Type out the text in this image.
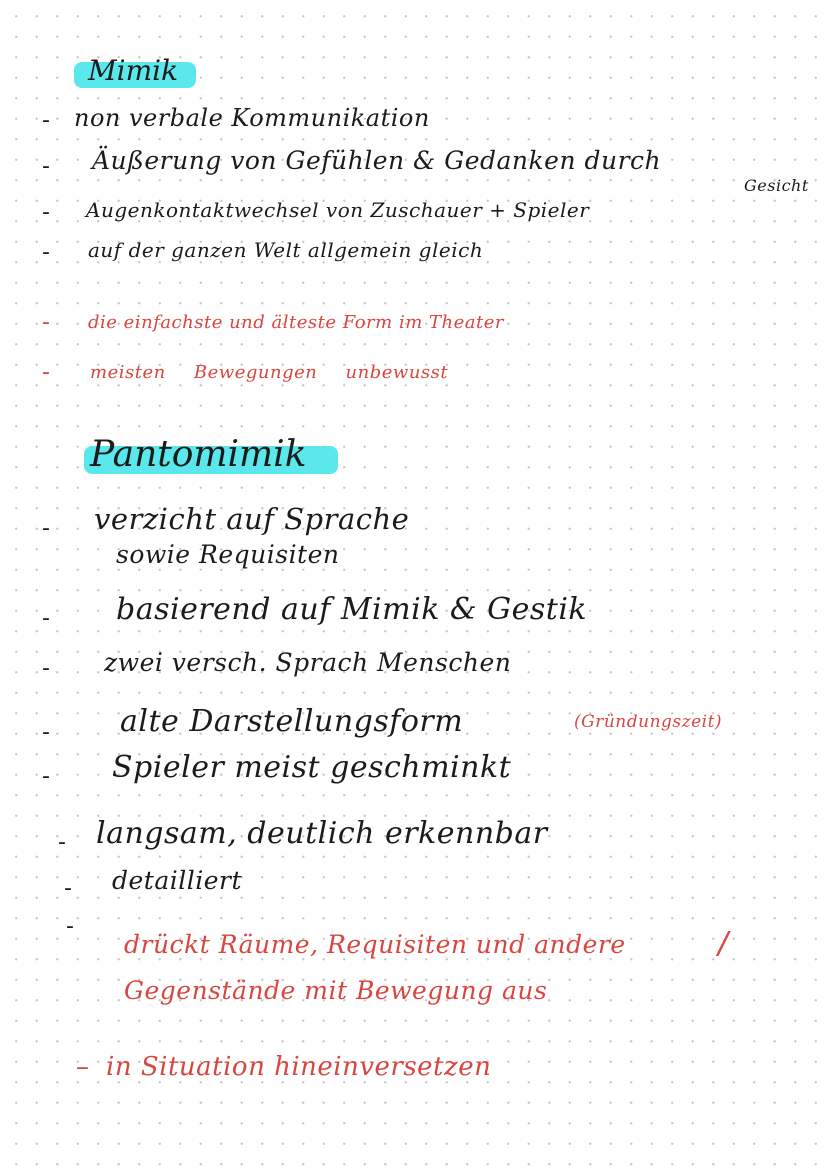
Mimik
- non verbale Kommunikation
- Äußerung von Gefühlen & Gedanken durch
Gesicht
- Augenkontaktwechsel von Zuschauer + Spieler
- auf der ganzen Welt allgemein gleich
- die einfachste und älteste Form im Theater
- meisten Bewegungen unbewusst
Pantomimik
- verzicht auf Sprache
sowie Requisiten
- basierend auf Mimik & Gestik
- zwei versch. Sprach Menschen
- alte Darstellungsform	(Gründungszeit)
- Spieler meist geschminkt
- langsam, deutlich erkennbar
- detailliert
-
drückt Räume, Requisiten und andere	/
Gegenstände mit Bewegung aus
– in Situation hineinversetzen
